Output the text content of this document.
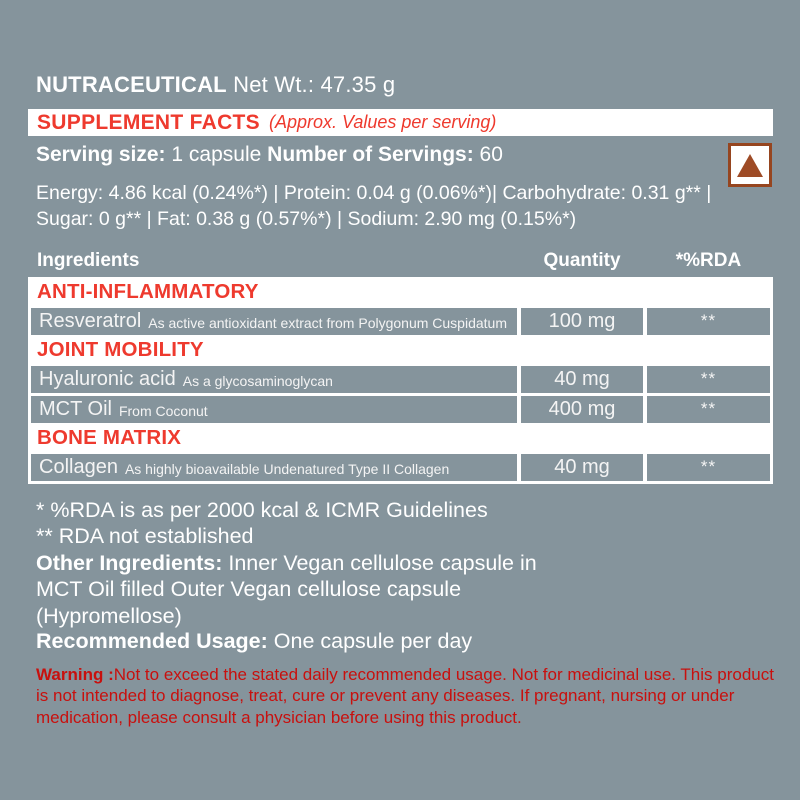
NUTRACEUTICAL Net Wt.: 47.35 g
SUPPLEMENT FACTS (Approx. Values per serving)
Serving size: 1 capsule Number of Servings: 60
Energy: 4.86 kcal (0.24%*) | Protein: 0.04 g (0.06%*)| Carbohydrate: 0.31 g** |
Sugar: 0 g** | Fat: 0.38 g (0.57%*) | Sodium: 2.90 mg (0.15%*)
Ingredients	Quantity	*%RDA
ANTI-INFLAMMATORY
Resveratrol As active antioxidant extract from Polygonum Cuspidatum 100 mg	**
JOINT MOBILITY
Hyaluronic acid As a glycosaminoglycan	40 mg	**
MCT Oil From Coconut	400 mg	**
BONE MATRIX
Collagen As highly bioavailable Undenatured Type II Collagen	40 mg	**
* %RDA is as per 2000 kcal & ICMR Guidelines
** RDA not established
Other Ingredients: Inner Vegan cellulose capsule in MCT Oil filled Outer Vegan cellulose capsule (Hypromellose)
Recommended Usage: One capsule per day
Warning :Not to exceed the stated daily recommended usage. Not for medicinal use. This product is not intended to diagnose, treat, cure or prevent any diseases. If pregnant, nursing or under medication, please consult a physician before using this product.
